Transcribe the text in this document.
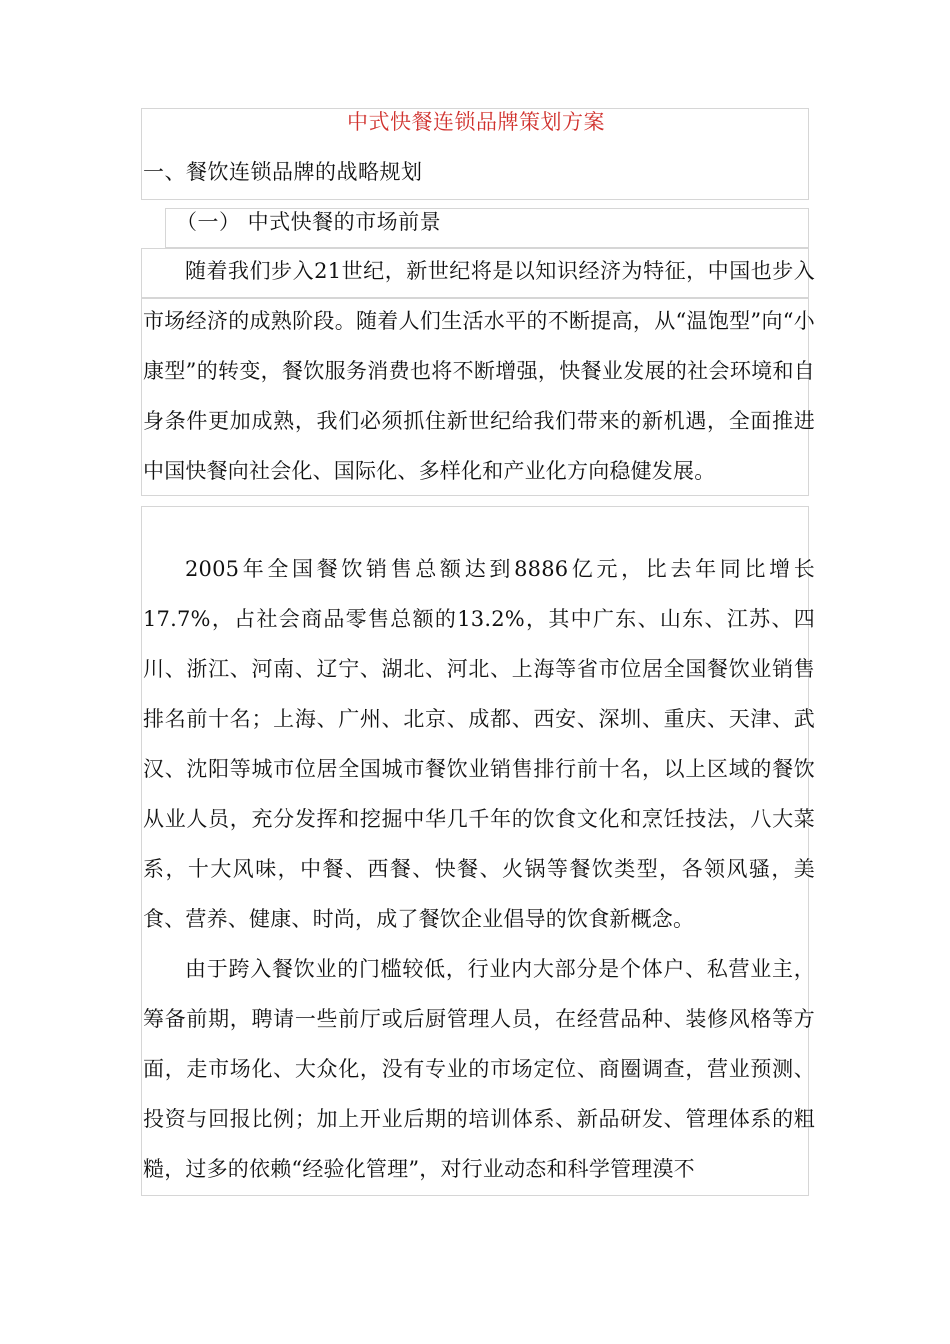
中式快餐连锁品牌策划方案
一、餐饮连锁品牌的战略规划
（一） 中式快餐的市场前景

随着我们步入21世纪，新世纪将是以知识经济为特征，中国也步入市场经济的成熟阶段。随着人们生活水平的不断提高，从“温饱型”向“小康型”的转变，餐饮服务消费也将不断增强，快餐业发展的社会环境和自身条件更加成熟，我们必须抓住新世纪给我们带来的新机遇，全面推进中国快餐向社会化、国际化、多样化和产业化方向稳健发展。

2005年全国餐饮销售总额达到8886亿元，比去年同比增长17.7%，占社会商品零售总额的13.2%，其中广东、山东、江苏、四川、浙江、河南、辽宁、湖北、河北、上海等省市位居全国餐饮业销售排名前十名；上海、广州、北京、成都、西安、深圳、重庆、天津、武汉、沈阳等城市位居全国城市餐饮业销售排行前十名，以上区域的餐饮从业人员，充分发挥和挖掘中华几千年的饮食文化和烹饪技法，八大菜系，十大风味，中餐、西餐、快餐、火锅等餐饮类型，各领风骚，美食、营养、健康、时尚，成了餐饮企业倡导的饮食新概念。

由于跨入餐饮业的门槛较低，行业内大部分是个体户、私营业主，筹备前期，聘请一些前厅或后厨管理人员，在经营品种、装修风格等方面，走市场化、大众化，没有专业的市场定位、商圈调查，营业预测、投资与回报比例；加上开业后期的培训体系、新品研发、管理体系的粗糙，过多的依赖“经验化管理”，对行业动态和科学管理漠不
